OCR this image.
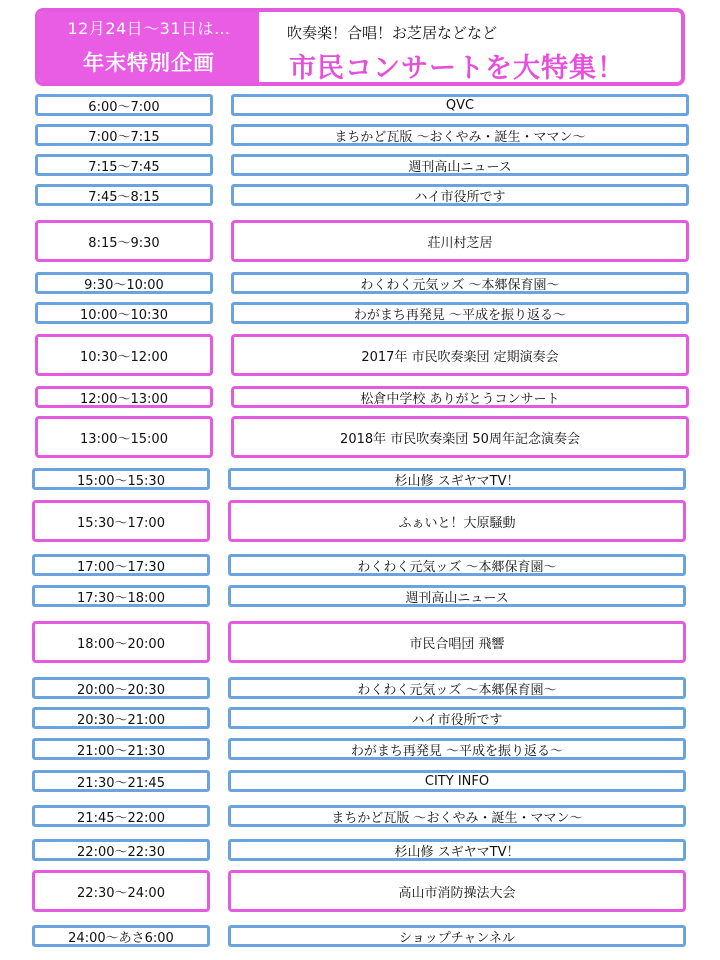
12月24日〜31日は…
年末特別企画
吹奏楽！合唱！お芝居などなど
市民コンサートを大特集！
6:00〜7:00	QVC
7:00〜7:15	まちかど瓦版 〜おくやみ・誕生・ママン〜
7:15〜7:45	週刊高山ニュース
7:45〜8:15	ハイ市役所です
8:15〜9:30	荘川村芝居
9:30〜10:00	わくわく元気ッズ 〜本郷保育園〜
10:00〜10:30	わがまち再発見 〜平成を振り返る〜
10:30〜12:00	2017年 市民吹奏楽団 定期演奏会
12:00〜13:00	松倉中学校 ありがとうコンサート
13:00〜15:00	2018年 市民吹奏楽団 50周年記念演奏会
15:00〜15:30	杉山修 スギヤマTV！
15:30〜17:00	ふぁいと！大原騒動
17:00〜17:30	わくわく元気ッズ 〜本郷保育園〜
17:30〜18:00	週刊高山ニュース
18:00〜20:00	市民合唱団 飛響
20:00〜20:30	わくわく元気ッズ 〜本郷保育園〜
20:30〜21:00	ハイ市役所です
21:00〜21:30	わがまち再発見 〜平成を振り返る〜
21:30〜21:45	CITY INFO
21:45〜22:00	まちかど瓦版 〜おくやみ・誕生・ママン〜
22:00〜22:30	杉山修 スギヤマTV！
22:30〜24:00	高山市消防操法大会
24:00〜あさ6:00	ショップチャンネル
